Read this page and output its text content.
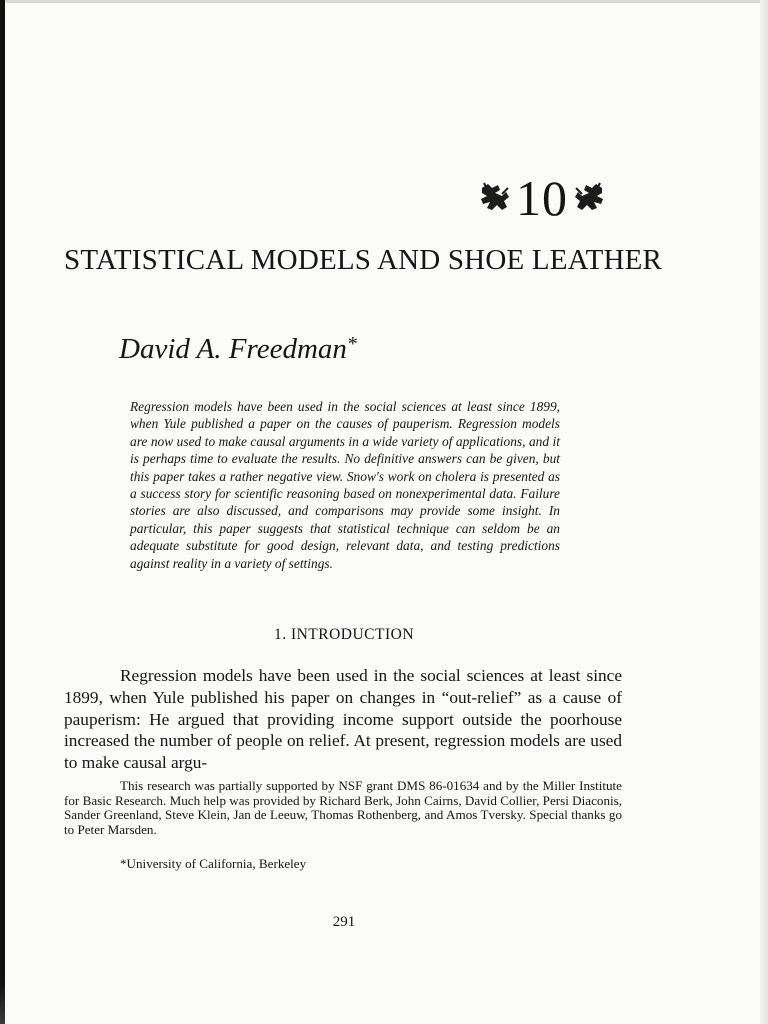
10
STATISTICAL MODELS AND SHOE LEATHER

David A. Freedman*

Regression models have been used in the social sciences at least since 1899, when Yule published a paper on the causes of pauperism. Regression models are now used to make causal arguments in a wide variety of applications, and it is perhaps time to evaluate the results. No definitive answers can be given, but this paper takes a rather negative view. Snow's work on cholera is presented as a success story for scientific reasoning based on nonexperimental data. Failure stories are also discussed, and comparisons may provide some insight. In particular, this paper suggests that statistical technique can seldom be an adequate substitute for good design, relevant data, and testing predictions against reality in a variety of settings.

1. INTRODUCTION

Regression models have been used in the social sciences at least since 1899, when Yule published his paper on changes in “out-relief” as a cause of pauperism: He argued that providing income support outside the poorhouse increased the number of people on relief. At present, regression models are used to make causal argu-

This research was partially supported by NSF grant DMS 86-01634 and by the Miller Institute for Basic Research. Much help was provided by Richard Berk, John Cairns, David Collier, Persi Diaconis, Sander Greenland, Steve Klein, Jan de Leeuw, Thomas Rothenberg, and Amos Tversky. Special thanks go to Peter Marsden.

*University of California, Berkeley

291
